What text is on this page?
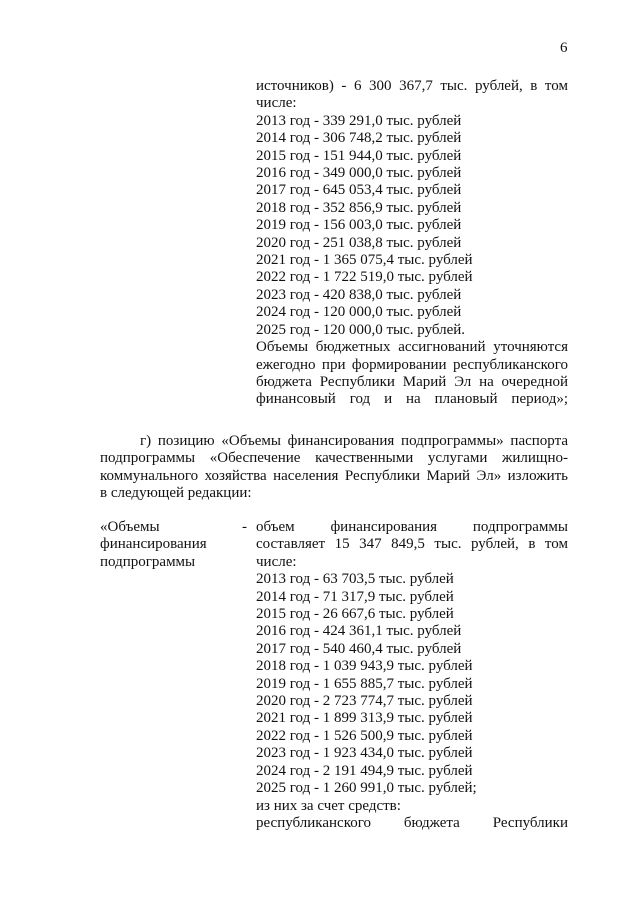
6
источников) - 6 300 367,7 тыс. рублей, в том
числе:
2013 год - 339 291,0 тыс. рублей
2014 год - 306 748,2 тыс. рублей
2015 год - 151 944,0 тыс. рублей
2016 год - 349 000,0 тыс. рублей
2017 год - 645 053,4 тыс. рублей
2018 год - 352 856,9 тыс. рублей
2019 год - 156 003,0 тыс. рублей
2020 год - 251 038,8 тыс. рублей
2021 год - 1 365 075,4 тыс. рублей
2022 год - 1 722 519,0 тыс. рублей
2023 год - 420 838,0 тыс. рублей
2024 год - 120 000,0 тыс. рублей
2025 год - 120 000,0 тыс. рублей.
Объемы бюджетных ассигнований уточняются
ежегодно при формировании республиканского
бюджета Республики Марий Эл на очередной
финансовый год и на плановый период»;
г) позицию «Объемы финансирования подпрограммы» паспорта
подпрограммы «Обеспечение качественными услугами жилищно-
коммунального хозяйства населения Республики Марий Эл» изложить
в следующей редакции:
«Объемы
финансирования
подпрограммы
- объем финансирования подпрограммы
составляет 15 347 849,5 тыс. рублей, в том
числе:
2013 год - 63 703,5 тыс. рублей
2014 год - 71 317,9 тыс. рублей
2015 год - 26 667,6 тыс. рублей
2016 год - 424 361,1 тыс. рублей
2017 год - 540 460,4 тыс. рублей
2018 год - 1 039 943,9 тыс. рублей
2019 год - 1 655 885,7 тыс. рублей
2020 год - 2 723 774,7 тыс. рублей
2021 год - 1 899 313,9 тыс. рублей
2022 год - 1 526 500,9 тыс. рублей
2023 год - 1 923 434,0 тыс. рублей
2024 год - 2 191 494,9 тыс. рублей
2025 год - 1 260 991,0 тыс. рублей;
из них за счет средств:
республиканского бюджета Республики
